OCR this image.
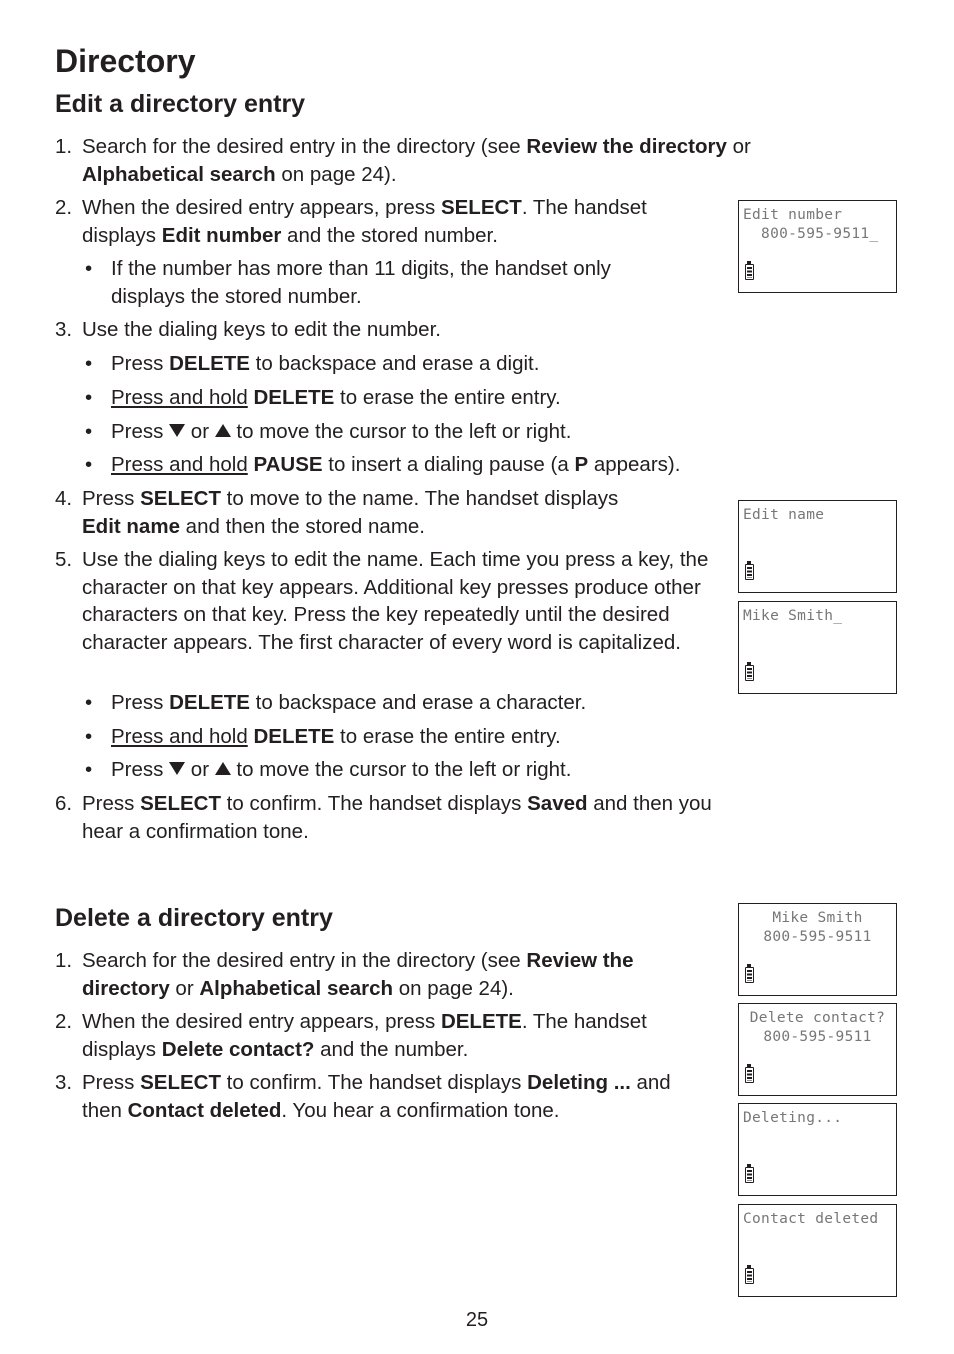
Directory
Edit a directory entry
1. Search for the desired entry in the directory (see Review the directory or
Alphabetical search on page 24).
2. When the desired entry appears, press SELECT. The handset
displays Edit number and the stored number.
• If the number has more than 11 digits, the handset only displays the stored number.
3. Use the dialing keys to edit the number.
• Press DELETE to backspace and erase a digit.
• Press and hold DELETE to erase the entire entry.
• Press  or  to move the cursor to the left or right.
• Press and hold PAUSE to insert a dialing pause (a P appears).
4. Press SELECT to move to the name. The handset displays
Edit name and then the stored name.
5. Use the dialing keys to edit the name. Each time you press a key, the character on that key appears. Additional key presses produce other characters on that key. Press the key repeatedly until the desired character appears. The first character of every word is capitalized.
• Press DELETE to backspace and erase a character.
• Press and hold DELETE to erase the entire entry.
• Press  or  to move the cursor to the left or right.
6. Press SELECT to confirm. The handset displays Saved and then you hear a confirmation tone.
Delete a directory entry
1. Search for the desired entry in the directory (see Review the directory or Alphabetical search on page 24).
2. When the desired entry appears, press DELETE. The handset displays Delete contact? and the number.
3. Press SELECT to confirm. The handset displays Deleting ... and then Contact deleted. You hear a confirmation tone.
Edit number
800-595-9511_
Edit name
Mike Smith_
Mike Smith
800-595-9511
Delete contact?
800-595-9511
Deleting...
Contact deleted
25
